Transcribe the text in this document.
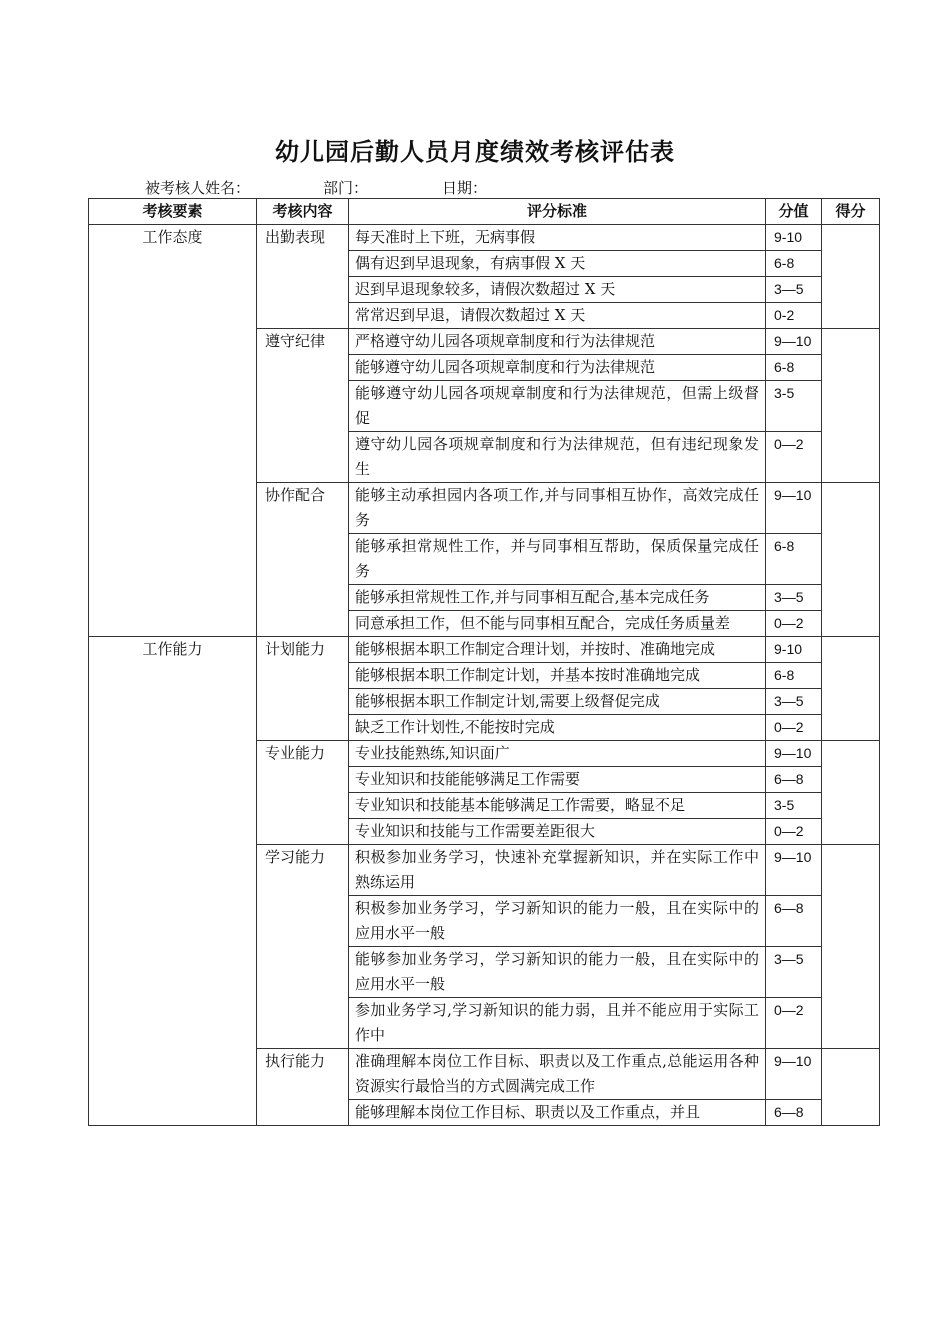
幼儿园后勤人员月度绩效考核评估表
被考核人姓名：	部门：	日期：
考核要素	考核内容	评分标准	分值	得分
工作态度	出勤表现	每天准时上下班，无病事假	9-10	
		偶有迟到早退现象，有病事假 X 天	6-8	
		迟到早退现象较多，请假次数超过 X 天	3—5	
		常常迟到早退，请假次数超过 X 天	0-2	
	遵守纪律	严格遵守幼儿园各项规章制度和行为法律规范	9—10	
		能够遵守幼儿园各项规章制度和行为法律规范	6-8	
		能够遵守幼儿园各项规章制度和行为法律规范，但需上级督促	3-5	
		遵守幼儿园各项规章制度和行为法律规范，但有违纪现象发生	0—2	
	协作配合	能够主动承担园内各项工作,并与同事相互协作，高效完成任务	9—10	
		能够承担常规性工作，并与同事相互帮助，保质保量完成任务	6-8	
		能够承担常规性工作,并与同事相互配合,基本完成任务	3—5	
		同意承担工作，但不能与同事相互配合，完成任务质量差	0—2	
工作能力	计划能力	能够根据本职工作制定合理计划，并按时、准确地完成	9-10	
		能够根据本职工作制定计划，并基本按时准确地完成	6-8	
		能够根据本职工作制定计划,需要上级督促完成	3—5	
		缺乏工作计划性,不能按时完成	0—2	
	专业能力	专业技能熟练,知识面广	9—10	
		专业知识和技能能够满足工作需要	6—8	
		专业知识和技能基本能够满足工作需要，略显不足	3-5	
		专业知识和技能与工作需要差距很大	0—2	
	学习能力	积极参加业务学习，快速补充掌握新知识，并在实际工作中熟练运用	9—10	
		积极参加业务学习，学习新知识的能力一般，且在实际中的应用水平一般	6—8	
		能够参加业务学习，学习新知识的能力一般，且在实际中的应用水平一般	3—5	
		参加业务学习,学习新知识的能力弱，且并不能应用于实际工作中	0—2	
	执行能力	准确理解本岗位工作目标、职责以及工作重点,总能运用各种资源实行最恰当的方式圆满完成工作	9—10	
		能够理解本岗位工作目标、职责以及工作重点，并且	6—8	
